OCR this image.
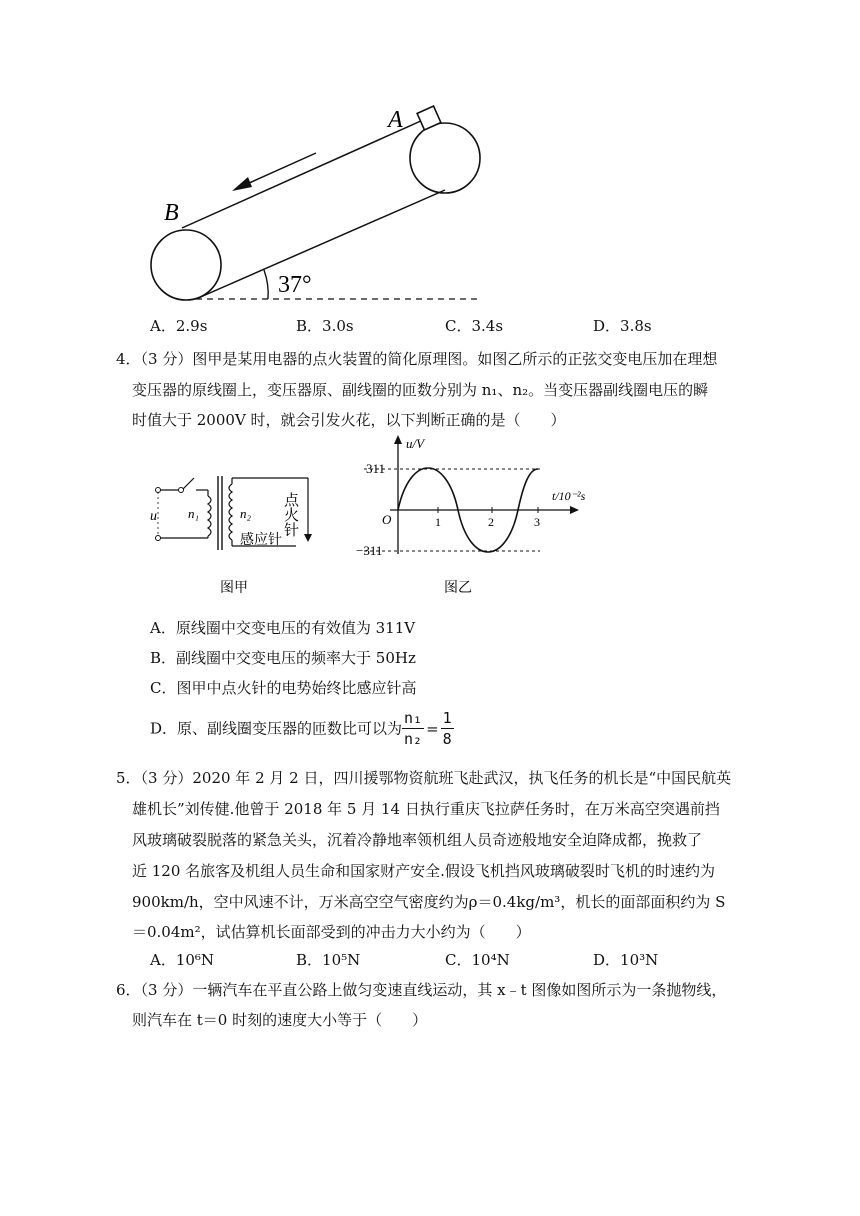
A
B
37°
A．2.9s	B．3.0s	C．3.4s	D．3.8s
4．（3 分）图甲是某用电器的点火装置的简化原理图。如图乙所示的正弦交变电压加在理想
变压器的原线圈上，变压器原、副线圈的匝数分别为 n₁、n₂。当变压器副线圈电压的瞬
时值大于 2000V 时，就会引发火花，以下判断正确的是（　　）
u n₁	n₂ 点火针
感应针
图甲
u/V
t/10⁻²s
311
−311
O	1	2	3
图乙
A．原线圈中交变电压的有效值为 311V
B．副线圈中交变电压的频率大于 50Hz
C．图甲中点火针的电势始终比感应针高
D．原、副线圈变压器的匝数比可以为 $\frac{\text{n₁}}{\text{n₂}} = \frac{1}{8}$
5．（3 分）2020 年 2 月 2 日，四川援鄂物资航班飞赴武汉，执飞任务的机长是“中国民航英
雄机长”刘传健.他曾于 2018 年 5 月 14 日执行重庆飞拉萨任务时，在万米高空突遇前挡
风玻璃破裂脱落的紧急关头，沉着冷静地率领机组人员奇迹般地安全迫降成都，挽救了
近 120 名旅客及机组人员生命和国家财产安全.假设飞机挡风玻璃破裂时飞机的时速约为
900km/h，空中风速不计，万米高空空气密度约为ρ＝0.4kg/m³，机长的面部面积约为 S
＝0.04m²，试估算机长面部受到的冲击力大小约为（　　）
A．10⁶N	B．10⁵N	C．10⁴N	D．10³N
6．（3 分）一辆汽车在平直公路上做匀变速直线运动，其 x﹣t 图像如图所示为一条抛物线，
则汽车在 t＝0 时刻的速度大小等于（　　）
